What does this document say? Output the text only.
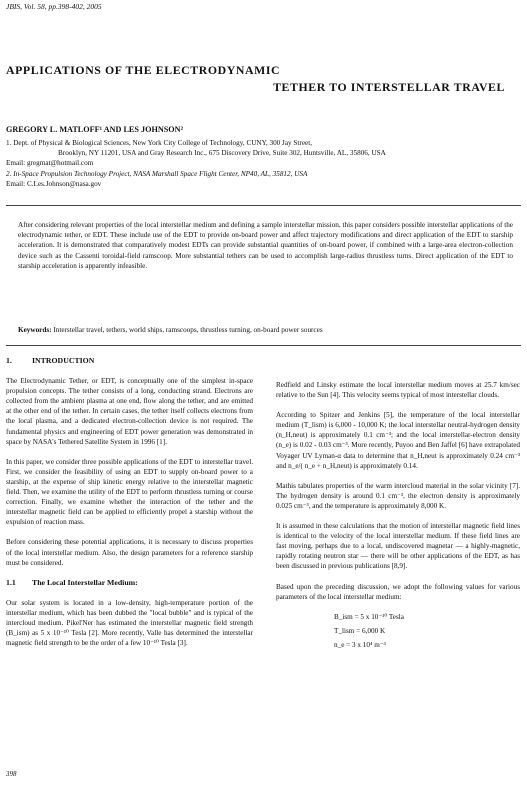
JBIS, Vol. 58, pp.398-402, 2005
APPLICATIONS OF THE ELECTRODYNAMIC
TETHER TO INTERSTELLAR TRAVEL
GREGORY L. MATLOFF¹ AND LES JOHNSON²

1. Dept. of Physical & Biological Sciences, New York City College of Technology, CUNY, 300 Jay Street,

Brooklyn, NY 11201, USA and Gray Research Inc., 675 Discovery Drive, Suite 302, Huntsville, AL, 35806, USA

Email: gregmat@hotmail.com

2. In-Space Propulsion Technology Project, NASA Marshall Space Flight Center, NP40, AL, 35812, USA

Email: C.Les.Johnson@nasa.gov

After considering relevant properties of the local interstellar medium and defining a sample interstellar mission, this paper considers possible interstellar applications of the electrodynamic tether, or EDT. These include use of the EDT to provide on-board power and affect trajectory modifications and direct application of the EDT to starship acceleration. It is demonstrated that comparatively modest EDTs can provide substantial quantities of on-board power, if combined with a large-area electron-collection device such as the Cassenti toroidal-field ramscoop. More substantial tethers can be used to accomplish large-radius thrustless turns. Direct application of the EDT to starship acceleration is apparently infeasible.

Keywords: Interstellar travel, tethers, world ships, ramscoops, thrustless turning, on-board power sources

1.	INTRODUCTION

The Electrodynamic Tether, or EDT, is conceptually one of the simplest in-space propulsion concepts. The tether consists of a long, conducting strand. Electrons are collected from the ambient plasma at one end, flow along the tether, and are emitted at the other end of the tether. In certain cases, the tether itself collects electrons from the local plasma, and a dedicated electron-collection device is not required. The fundamental physics and engineering of EDT power generation was demonstrated in space by NASA's Tethered Satellite System in 1996 [1].

In this paper, we consider three possible applications of the EDT to interstellar travel. First, we consider the feasibility of using an EDT to supply on-board power to a starship, at the expense of ship kinetic energy relative to the interstellar magnetic field. Then, we examine the utility of the EDT to perform thrustless turning or course correction. Finally, we examine whether the interaction of the tether and the interstellar magnetic field can be applied to efficiently propel a starship without the expulsion of reaction mass.

Before considering these potential applications, it is necessary to discuss properties of the local interstellar medium. Also, the design parameters for a reference starship must be considered.

1.1 The Local Interstellar Medium:

Our solar system is located in a low-density, high-temperature portion of the interstellar medium, which has been dubbed the "local bubble" and is typical of the intercloud medium. Pikel'Ner has estimated the interstellar magnetic field strength (B_ism) as 5 x 10⁻¹⁰ Tesla [2]. More recently, Valle has determined the interstellar magnetic field strength to be the order of a few 10⁻¹⁰ Tesla [3].

Redfield and Linsky estimate the local interstellar medium moves at 25.7 km/sec relative to the Sun [4]. This velocity seems typical of most interstellar clouds.

According to Spitzer and Jenkins [5], the temperature of the local interstellar medium (T_lism) is 6,000 - 10,000 K; the local interstellar neutral-hydrogen density (n_H,neut) is approximately 0.1 cm⁻³; and the local interstellar-electron density (n_e) is 0.02 - 0.03 cm⁻³. More recently, Puyoo and Ben Jaffel [6] have extrapolated Voyager UV Lyman-α data to determine that n_H,neut is approximately 0.24 cm⁻³ and n_e/( n_e + n_H,neut) is approximately 0.14.

Mathis tabulates properties of the warm intercloud material in the solar vicinity [7]. The hydrogen density is around 0.1 cm⁻³, the electron density is approximately 0.025 cm⁻³, and the temperature is approximately 8,000 K.

It is assumed in these calculations that the motion of interstellar magnetic field lines is identical to the velocity of the local interstellar medium. If these field lines are fast moving, perhaps due to a local, undiscovered magnetar — a highly-magnetic, rapidly rotating neutron star — there will be other applications of the EDT, as has been discussed in previous publications [8,9].

Based upon the preceding discussion, we adopt the following values for various parameters of the local interstellar medium:

B_ism = 5 x 10⁻¹⁰ Tesla
T_lism = 6,000 K
n_e = 3 x 10⁴ m⁻³
398
